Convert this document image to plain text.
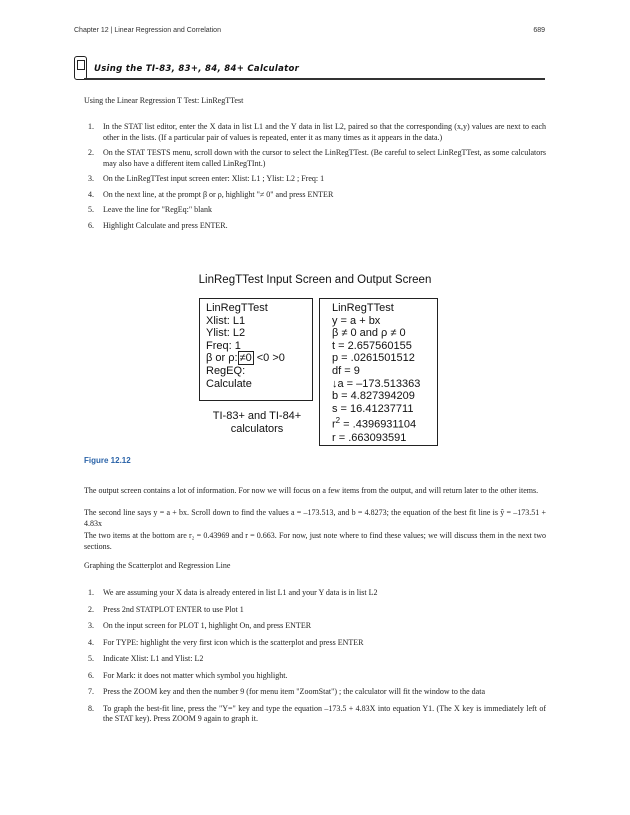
Chapter 12 | Linear Regression and Correlation	689
Using the TI-83, 83+, 84, 84+ Calculator
Using the Linear Regression T Test: LinRegTTest
1. In the STAT list editor, enter the X data in list L1 and the Y data in list L2, paired so that the corresponding (x,y) values are next to each other in the lists. (If a particular pair of values is repeated, enter it as many times as it appears in the data.)
2. On the STAT TESTS menu, scroll down with the cursor to select the LinRegTTest. (Be careful to select LinRegTTest, as some calculators may also have a different item called LinRegTInt.)
3. On the LinRegTTest input screen enter: Xlist: L1 ; Ylist: L2 ; Freq: 1
4. On the next line, at the prompt β or ρ, highlight "≠ 0" and press ENTER
5. Leave the line for "RegEq:" blank
6. Highlight Calculate and press ENTER.
LinRegTTest Input Screen and Output Screen
LinRegTTest
Xlist: L1
Ylist: L2
Freq: 1
β or ρ: ≠0 <0 >0
RegEQ:
Calculate
LinRegTTest
y = a + bx
β ≠ 0 and ρ ≠ 0
t = 2.657560155
p = .0261501512
df = 9
↓a = –173.513363
b = 4.827394209
s = 16.41237711
$r^2 = .4396931104$
r = .663093591
TI-83+ and TI-84+
calculators
Figure 12.12
The output screen contains a lot of information. For now we will focus on a few items from the output, and will return later to the other items.
The second line says y = a + bx. Scroll down to find the values a = –173.513, and b = 4.8273; the equation of the best fit line is ŷ = –173.51 + 4.83x
The two items at the bottom are r₂ = 0.43969 and r = 0.663. For now, just note where to find these values; we will discuss them in the next two sections.
Graphing the Scatterplot and Regression Line
1. We are assuming your X data is already entered in list L1 and your Y data is in list L2
2. Press 2nd STATPLOT ENTER to use Plot 1
3. On the input screen for PLOT 1, highlight On, and press ENTER
4. For TYPE: highlight the very first icon which is the scatterplot and press ENTER
5. Indicate Xlist: L1 and Ylist: L2
6. For Mark: it does not matter which symbol you highlight.
7. Press the ZOOM key and then the number 9 (for menu item "ZoomStat") ; the calculator will fit the window to the data
8. To graph the best-fit line, press the "Y=" key and type the equation –173.5 + 4.83X into equation Y1. (The X key is immediately left of the STAT key). Press ZOOM 9 again to graph it.
